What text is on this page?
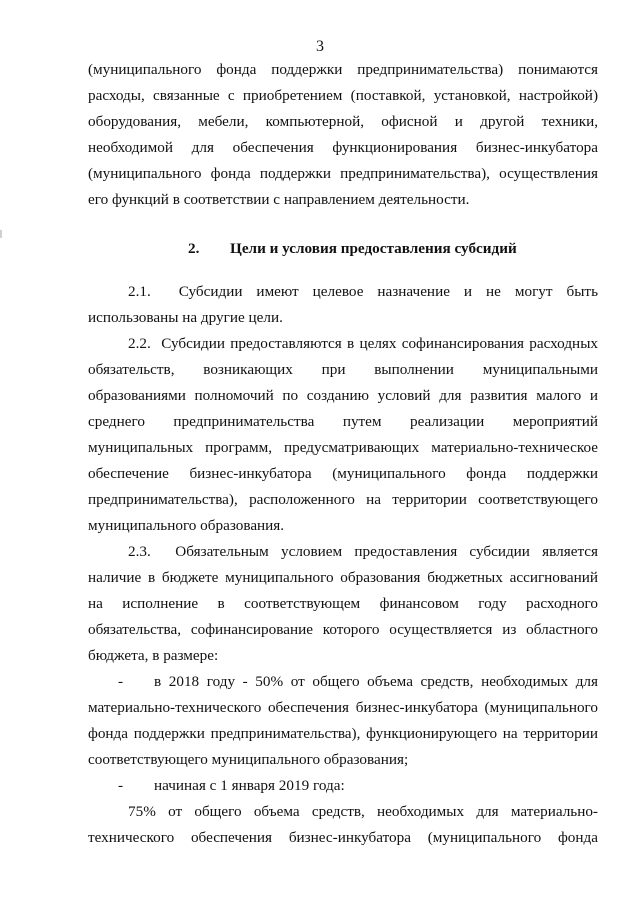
3

(муниципального фонда поддержки предпринимательства) понимаются расходы, связанные с приобретением (поставкой, установкой, настройкой) оборудования, мебели, компьютерной, офисной и другой техники, необходимой для обеспечения функционирования бизнес-инкубатора (муниципального фонда поддержки предпринимательства), осуществления его функций в соответствии с направлением деятельности.

2. Цели и условия предоставления субсидий

2.1.  Субсидии имеют целевое назначение и не могут быть использованы на другие цели.

2.2.  Субсидии предоставляются в целях софинансирования расходных обязательств, возникающих при выполнении муниципальными образованиями полномочий по созданию условий для развития малого и среднего предпринимательства путем реализации мероприятий муниципальных программ, предусматривающих материально-техническое обеспечение бизнес-инкубатора (муниципального фонда поддержки предпринимательства), расположенного на территории соответствующего муниципального образования.

2.3.  Обязательным условием предоставления субсидии является наличие в бюджете муниципального образования бюджетных ассигнований на исполнение в соответствующем финансовом году расходного обязательства, софинансирование которого осуществляется из областного бюджета, в размере:

- в 2018 году - 50% от общего объема средств, необходимых для материально-технического обеспечения бизнес-инкубатора (муниципального фонда поддержки предпринимательства), функционирующего на территории соответствующего муниципального образования;

- начиная с 1 января 2019 года:

75% от общего объема средств, необходимых для материально-технического обеспечения бизнес-инкубатора (муниципального фонда
